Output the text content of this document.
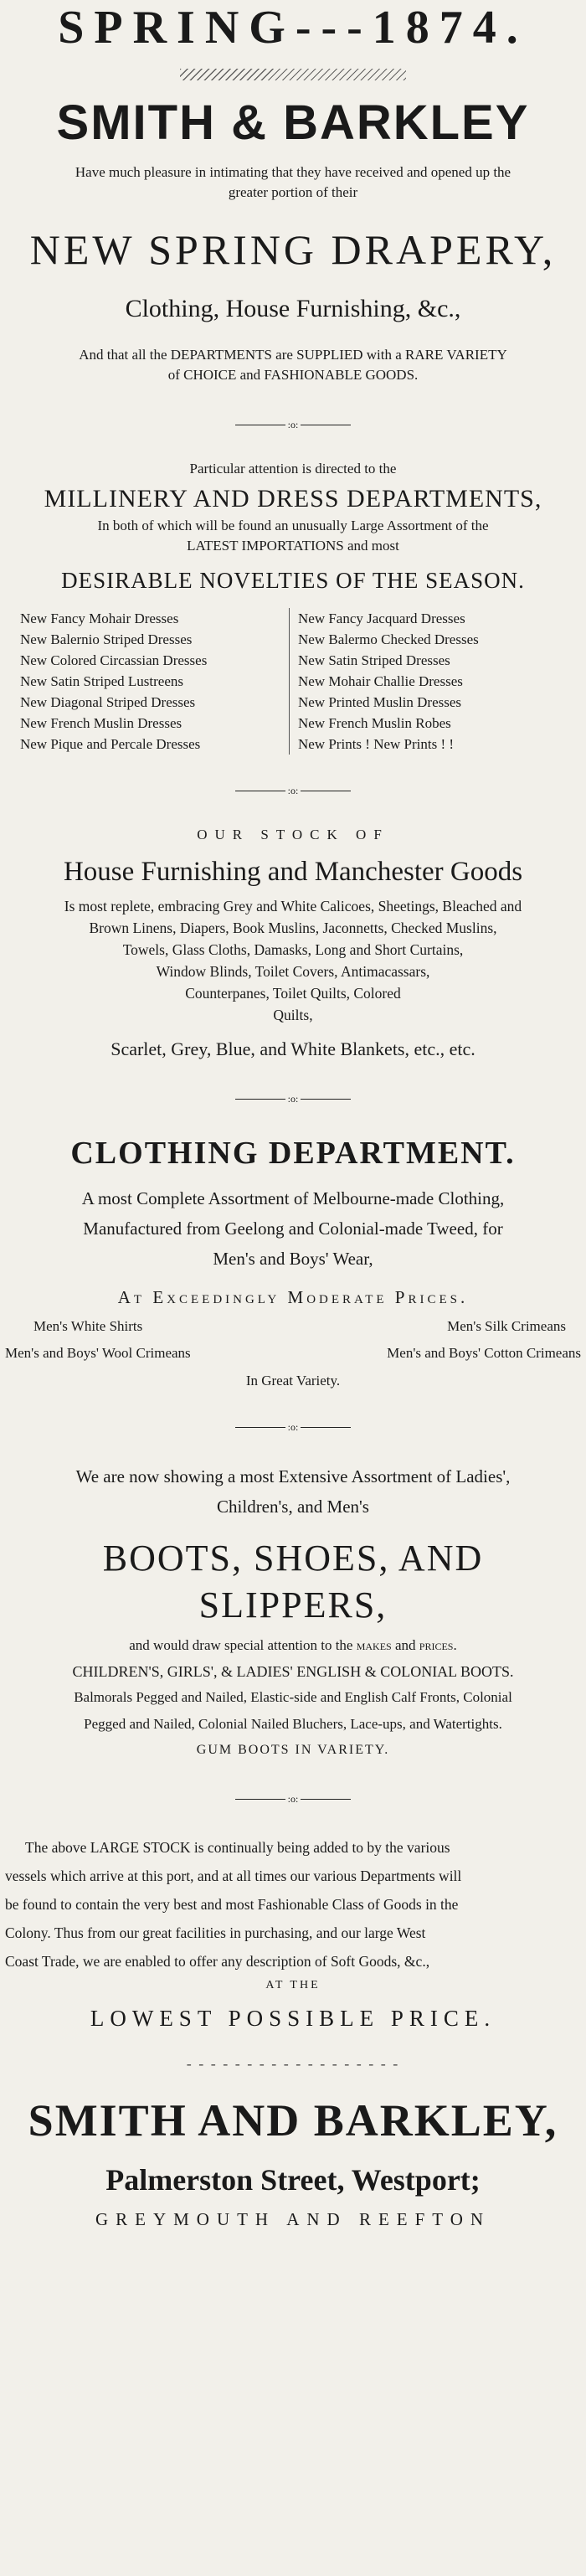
SPRING---1874.
SMITH & BARKLEY
Have much pleasure in intimating that they have received and opened up the
greater portion of their
NEW SPRING DRAPERY,
Clothing, House Furnishing, &c.,
And that all the DEPARTMENTS are SUPPLIED with a RARE VARIETY
of CHOICE and FASHIONABLE GOODS.
:o:
Particular attention is directed to the
MILLINERY AND DRESS DEPARTMENTS,
In both of which will be found an unusually Large Assortment of the
LATEST IMPORTATIONS and most
DESIRABLE NOVELTIES OF THE SEASON.
New Fancy Mohair Dresses
New Balernio Striped Dresses
New Colored Circassian Dresses
New Satin Striped Lustreens
New Diagonal Striped Dresses
New French Muslin Dresses
New Pique and Percale Dresses
New Fancy Jacquard Dresses
New Balermo Checked Dresses
New Satin Striped Dresses
New Mohair Challie Dresses
New Printed Muslin Dresses
New French Muslin Robes
New Prints ! New Prints ! !
:o:
OUR STOCK OF
House Furnishing and Manchester Goods
Is most replete, embracing Grey and White Calicoes, Sheetings, Bleached and
Brown Linens, Diapers, Book Muslins, Jaconnetts, Checked Muslins,
Towels, Glass Cloths, Damasks, Long and Short Curtains,
Window Blinds, Toilet Covers, Antimacassars,
Counterpanes, Toilet Quilts, Colored
Quilts,
Scarlet, Grey, Blue, and White Blankets, etc., etc.
:o:
CLOTHING DEPARTMENT.
A most Complete Assortment of Melbourne-made Clothing,
Manufactured from Geelong and Colonial-made Tweed, for
Men's and Boys' Wear,
At Exceedingly Moderate Prices.
Men's White Shirts	Men's Silk Crimeans
Men's and Boys' Wool Crimeans	Men's and Boys' Cotton Crimeans
In Great Variety.
:o:
We are now showing a most Extensive Assortment of Ladies',
Children's, and Men's
BOOTS, SHOES, AND SLIPPERS,
and would draw special attention to the makes and prices.
CHILDREN'S, GIRLS', & LADIES' ENGLISH & COLONIAL BOOTS.
Balmorals Pegged and Nailed, Elastic-side and English Calf Fronts, Colonial
Pegged and Nailed, Colonial Nailed Bluchers, Lace-ups, and Watertights.
GUM BOOTS IN VARIETY.
:o:
The above LARGE STOCK is continually being added to by the various
vessels which arrive at this port, and at all times our various Departments will
be found to contain the very best and most Fashionable Class of Goods in the
Colony. Thus from our great facilities in purchasing, and our large West
Coast Trade, we are enabled to offer any description of Soft Goods, &c.,
AT THE
LOWEST POSSIBLE PRICE.
- - - - - - - - - - - - - - - - - -
SMITH AND BARKLEY,
Palmerston Street, Westport;
GREYMOUTH AND REEFTON
